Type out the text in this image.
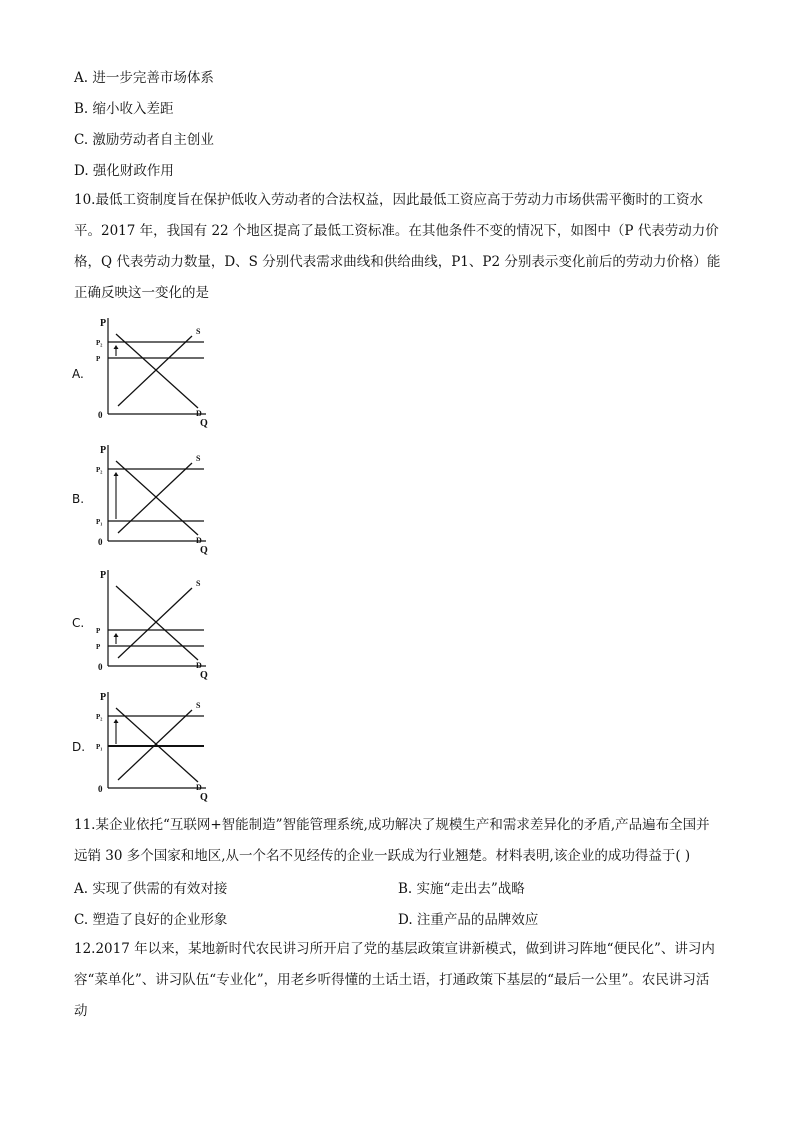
A. 进一步完善市场体系
B. 缩小收入差距
C. 激励劳动者自主创业
D. 强化财政作用
10.最低工资制度旨在保护低收入劳动者的合法权益，因此最低工资应高于劳动力市场供需平衡时的工资水
平。2017 年，我国有 22 个地区提高了最低工资标准。在其他条件不变的情况下，如图中（P 代表劳动力价
格，Q 代表劳动力数量，D、S 分别代表需求曲线和供给曲线，P1、P2 分别表示变化前后的劳动力价格）能
正确反映这一变化的是
A.
B.
C.
D.
P
Q
0
S
D
P₂
P
P
Q
0
S
D
P₂
P₁
P
Q
0
S
D
P
P
P
Q
0
S
D
P₂
P₁
11.某企业依托“互联网+智能制造”智能管理系统,成功解决了规模生产和需求差异化的矛盾,产品遍布全国并
远销 30 多个国家和地区,从一个名不见经传的企业一跃成为行业翘楚。材料表明,该企业的成功得益于( )
A. 实现了供需的有效对接	B. 实施“走出去”战略
C. 塑造了良好的企业形象	D. 注重产品的品牌效应
12.2017 年以来，某地新时代农民讲习所开启了党的基层政策宣讲新模式，做到讲习阵地“便民化”、讲习内
容“菜单化”、讲习队伍“专业化”，用老乡听得懂的土话土语，打通政策下基层的“最后一公里”。农民讲习活
动
